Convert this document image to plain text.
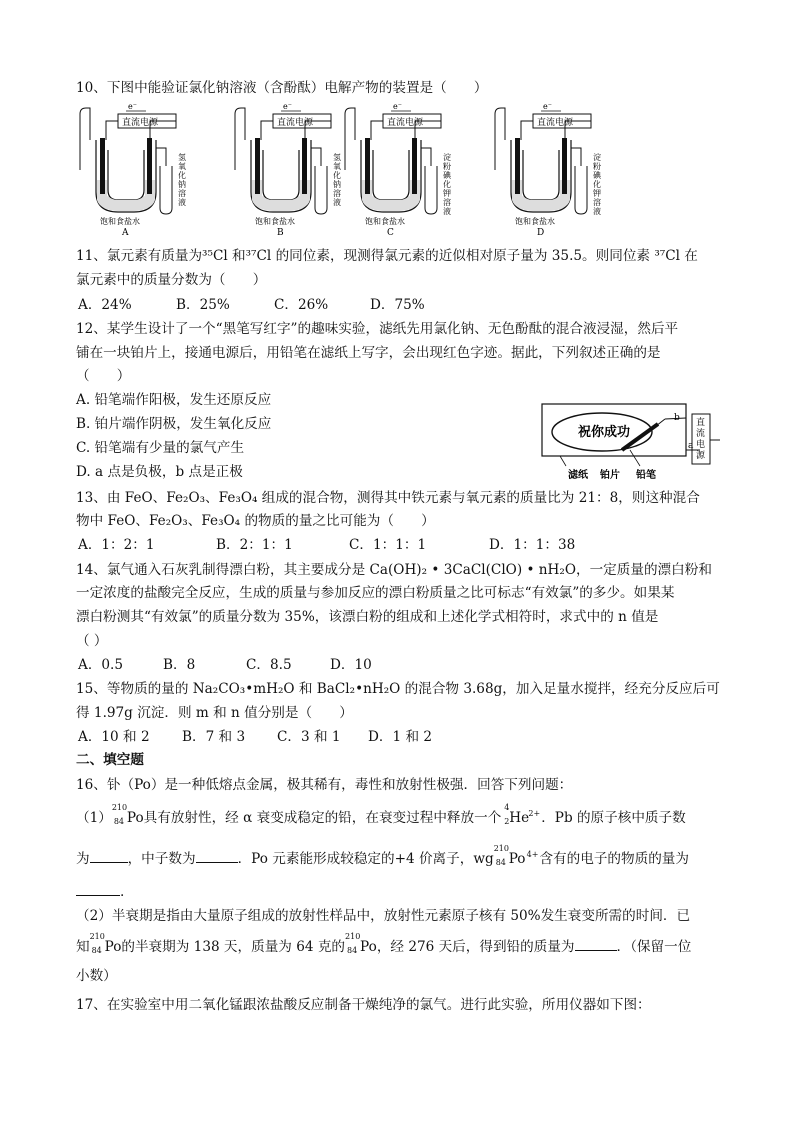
10、下图中能验证氯化钠溶液（含酚酞）电解产物的装置是（　　）
直流电源
e⁻
氢
氧
化
钠
溶
液
饱和食盐水
A
直流电源
e⁻
氢
氧
化
钠
溶
液
饱和食盐水
B
直流电源
e⁻
淀
粉
碘
化
钾
溶
液
饱和食盐水
C
直流电源
e⁻
淀
粉
碘
化
钾
溶
液
饱和食盐水
D
11、氯元素有质量为³⁵Cl 和³⁷Cl 的同位素，现测得氯元素的近似相对原子量为 35.5。则同位素 ³⁷Cl 在
氯元素中的质量分数为（　　）
A．24%	B．25%	C．26%	D．75%
12、某学生设计了一个“黑笔写红字”的趣味实验，滤纸先用氯化钠、无色酚酞的混合液浸湿，然后平
铺在一块铂片上，接通电源后，用铅笔在滤纸上写字，会出现红色字迹。据此，下列叙述正确的是
（　　）
A. 铅笔端作阳极，发生还原反应
B. 铂片端作阴极，发生氧化反应
C. 铅笔端有少量的氯气产生
D. a 点是负极，b 点是正极
祝你成功
b
a
直
流
电
源
滤纸 铂片 铅笔
13、由 FeO、Fe₂O₃、Fe₃O₄ 组成的混合物，测得其中铁元素与氧元素的质量比为 21：8，则这种混合
物中 FeO、Fe₂O₃、Fe₃O₄ 的物质的量之比可能为（　　）
A．1：2：1	B．2：1：1	C．1：1：1	D．1：1：38
14、氯气通入石灰乳制得漂白粉，其主要成分是 Ca(OH)₂ • 3CaCl(ClO) • nH₂O，一定质量的漂白粉和
一定浓度的盐酸完全反应，生成的质量与参加反应的漂白粉质量之比可标志“有效氯”的多少。如果某
漂白粉测其“有效氯”的质量分数为 35%，该漂白粉的组成和上述化学式相符时，求式中的 n 值是
（ ）
A．0.5	B．8	C．8.5	D．10
15、等物质的量的 Na₂CO₃•mH₂O 和 BaCl₂•nH₂O 的混合物 3.68g，加入足量水搅拌，经充分反应后可
得 1.97g 沉淀．则 m 和 n 值分别是（　　）
A．10 和 2 B．7 和 3 C．3 和 1 D．1 和 2
二、填空题
16、钋（Po）是一种低熔点金属，极其稀有，毒性和放射性极强．回答下列问题：
（1）
210
84 Po具有放射性，经 α 衰变成稳定的铅，在衰变过程中释放一个
4
2 He 2+ ．Pb 的原子核中质子数
为	，中子数为	．Po 元素能形成较稳定的+4 价离子，wg
210
84 Po 4+ 含有的电子的物质的量为
.
（2）半衰期是指由大量原子组成的放射性样品中，放射性元素原子核有 50%发生衰变所需的时间．已
知
210
84 Po的半衰期为 138 天，质量为 64 克的
210
84 Po，经 276 天后，得到铅的质量为	．（保留一位
小数）
17、在实验室中用二氧化锰跟浓盐酸反应制备干燥纯净的氯气。进行此实验，所用仪器如下图：
